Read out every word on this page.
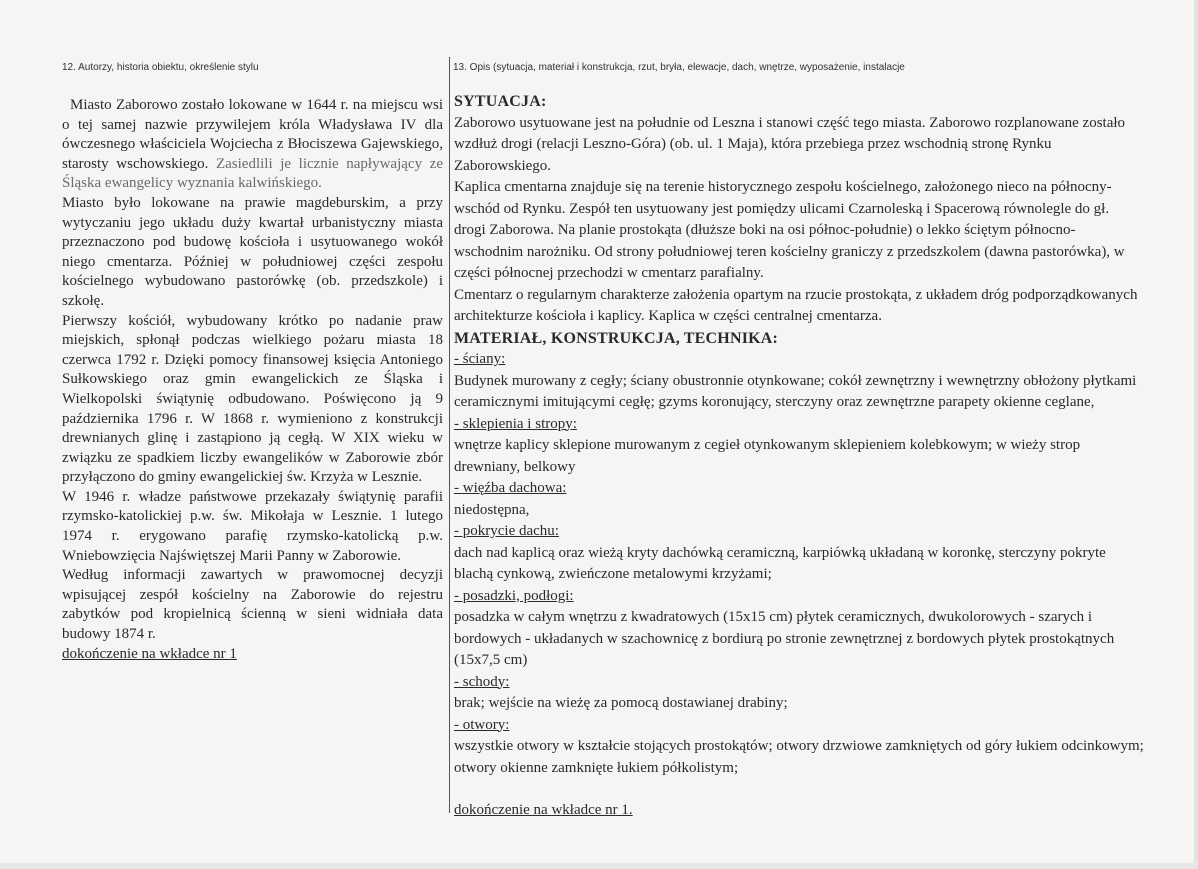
12. Autorzy, historia obiektu, określenie stylu	13. Opis (sytuacja, materiał i konstrukcja, rzut, bryła, elewacje, dach, wnętrze, wyposażenie, instalacje

Miasto Zaborowo zostało lokowane w 1644 r. na miejscu wsi o tej samej nazwie przywilejem króla Władysława IV dla ówczesnego właściciela Wojciecha z Błociszewa Gajewskiego, starosty wschowskiego. Zasiedlili je licznie napływający ze Śląska ewangelicy wyznania kalwińskiego.

Miasto było lokowane na prawie magdeburskim, a przy wytyczaniu jego układu duży kwartał urbanistyczny miasta przeznaczono pod budowę kościoła i usytuowanego wokół niego cmentarza. Później w południowej części zespołu kościelnego wybudowano pastorówkę (ob. przedszkole) i szkołę.

Pierwszy kościół, wybudowany krótko po nadanie praw miejskich, spłonął podczas wielkiego pożaru miasta 18 czerwca 1792 r. Dzięki pomocy finansowej księcia Antoniego Sułkowskiego oraz gmin ewangelickich ze Śląska i Wielkopolski świątynię odbudowano. Poświęcono ją 9 października 1796 r. W 1868 r. wymieniono z konstrukcji drewnianych glinę i zastąpiono ją cegłą. W XIX wieku w związku ze spadkiem liczby ewangelików w Zaborowie zbór przyłączono do gminy ewangelickiej św. Krzyża w Lesznie.

W 1946 r. władze państwowe przekazały świątynię parafii rzymsko-katolickiej p.w. św. Mikołaja w Lesznie. 1 lutego 1974 r. erygowano parafię rzymsko-katolicką p.w. Wniebowzięcia Najświętszej Marii Panny w Zaborowie.

Według informacji zawartych w prawomocnej decyzji wpisującej zespół kościelny na Zaborowie do rejestru zabytków pod kropielnicą ścienną w sieni widniała data budowy 1874 r.

dokończenie na wkładce nr 1

SYTUACJA:

Zaborowo usytuowane jest na południe od Leszna i stanowi część tego miasta. Zaborowo rozplanowane zostało wzdłuż drogi (relacji Leszno-Góra) (ob. ul. 1 Maja), która przebiega przez wschodnią stronę Rynku Zaborowskiego.

Kaplica cmentarna znajduje się na terenie historycznego zespołu kościelnego, założonego nieco na północny-wschód od Rynku. Zespół ten usytuowany jest pomiędzy ulicami Czarnoleską i Spacerową równolegle do gł. drogi Zaborowa. Na planie prostokąta (dłuższe boki na osi północ-południe) o lekko ściętym północno-wschodnim narożniku. Od strony południowej teren kościelny graniczy z przedszkolem (dawna pastorówka), w części północnej przechodzi w cmentarz parafialny.

Cmentarz o regularnym charakterze założenia opartym na rzucie prostokąta, z układem dróg podporządkowanych architekturze kościoła i kaplicy. Kaplica w części centralnej cmentarza.

MATERIAŁ, KONSTRUKCJA, TECHNIKA:

- ściany:

Budynek murowany z cegły; ściany obustronnie otynkowane; cokół zewnętrzny i wewnętrzny obłożony płytkami ceramicznymi imitującymi cegłę; gzyms koronujący, sterczyny oraz zewnętrzne parapety okienne ceglane,

- sklepienia i stropy:

wnętrze kaplicy sklepione murowanym z cegieł otynkowanym sklepieniem kolebkowym; w wieży strop drewniany, belkowy

- więźba dachowa:

niedostępna,

- pokrycie dachu:

dach nad kaplicą oraz wieżą kryty dachówką ceramiczną, karpiówką układaną w koronkę, sterczyny pokryte blachą cynkową, zwieńczone metalowymi krzyżami;

- posadzki, podłogi:

posadzka w całym wnętrzu z kwadratowych (15x15 cm) płytek ceramicznych, dwukolorowych - szarych i bordowych - układanych w szachownicę z bordiurą po stronie zewnętrznej z bordowych płytek prostokątnych (15x7,5 cm)

- schody:

brak; wejście na wieżę za pomocą dostawianej drabiny;

- otwory:

wszystkie otwory w kształcie stojących prostokątów; otwory drzwiowe zamkniętych od góry łukiem odcinkowym; otwory okienne zamknięte łukiem półkolistym;

dokończenie na wkładce nr 1.
